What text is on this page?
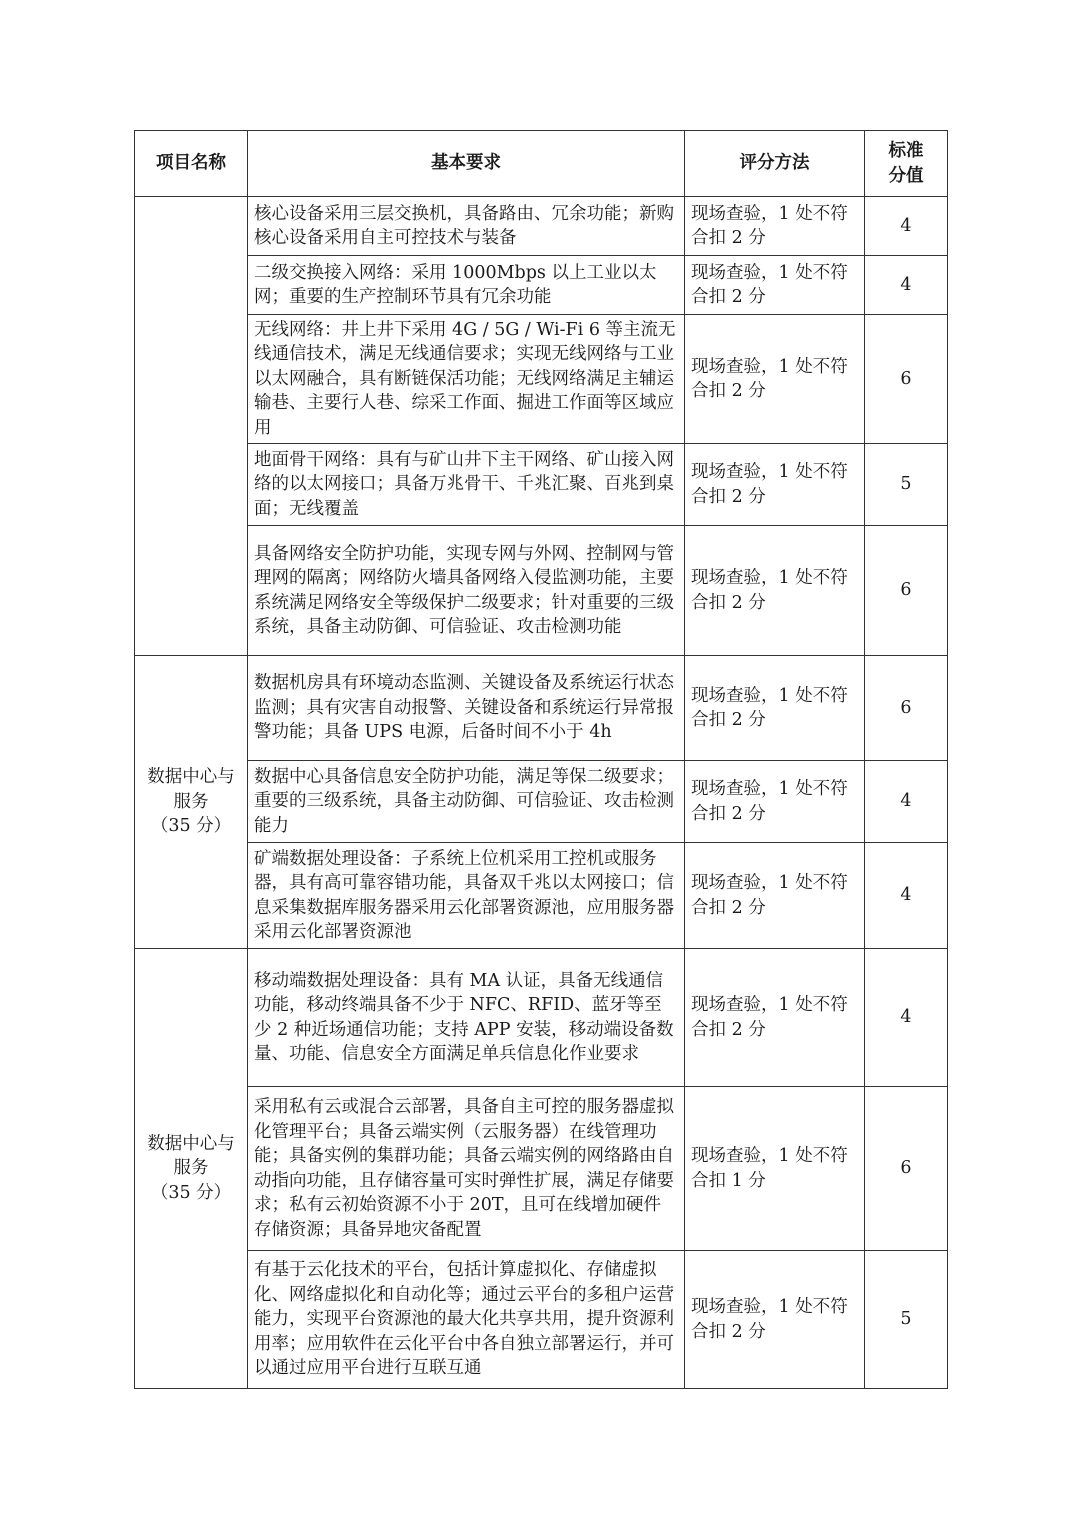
项目名称	基本要求	评分方法	标准
分值

	核心设备采用三层交换机，具备路由、冗余功能；新购核心设备采用自主可控技术与装备	现场查验，1 处不符合扣 2 分	4
	二级交换接入网络：采用 1000Mbps 以上工业以太网；重要的生产控制环节具有冗余功能	现场查验，1 处不符合扣 2 分	4
	无线网络：井上井下采用 4G / 5G / Wi-Fi 6 等主流无线通信技术，满足无线通信要求；实现无线网络与工业以太网融合，具有断链保活功能；无线网络满足主辅运输巷、主要行人巷、综采工作面、掘进工作面等区域应用	现场查验，1 处不符合扣 2 分	6
	地面骨干网络：具有与矿山井下主干网络、矿山接入网络的以太网接口；具备万兆骨干、千兆汇聚、百兆到桌面；无线覆盖	现场查验，1 处不符合扣 2 分	5
	具备网络安全防护功能，实现专网与外网、控制网与管理网的隔离；网络防火墙具备网络入侵监测功能，主要系统满足网络安全等级保护二级要求；针对重要的三级系统，具备主动防御、可信验证、攻击检测功能	现场查验，1 处不符合扣 2 分	6

数据中心与
服务
（35 分）	数据机房具有环境动态监测、关键设备及系统运行状态监测；具有灾害自动报警、关键设备和系统运行异常报警功能；具备 UPS 电源，后备时间不小于 4h	现场查验，1 处不符合扣 2 分	6
	数据中心具备信息安全防护功能，满足等保二级要求；重要的三级系统，具备主动防御、可信验证、攻击检测能力	现场查验，1 处不符合扣 2 分	4
	矿端数据处理设备：子系统上位机采用工控机或服务器，具有高可靠容错功能，具备双千兆以太网接口；信息采集数据库服务器采用云化部署资源池，应用服务器采用云化部署资源池	现场查验，1 处不符合扣 2 分	4

数据中心与
服务
（35 分）	移动端数据处理设备：具有 MA 认证，具备无线通信功能，移动终端具备不少于 NFC、RFID、蓝牙等至少 2 种近场通信功能；支持 APP 安装，移动端设备数量、功能、信息安全方面满足单兵信息化作业要求	现场查验，1 处不符合扣 2 分	4
	采用私有云或混合云部署，具备自主可控的服务器虚拟化管理平台；具备云端实例（云服务器）在线管理功能；具备实例的集群功能；具备云端实例的网络路由自动指向功能，且存储容量可实时弹性扩展，满足存储要求；私有云初始资源不小于 20T，且可在线增加硬件存储资源；具备异地灾备配置	现场查验，1 处不符合扣 1 分	6
	有基于云化技术的平台，包括计算虚拟化、存储虚拟化、网络虚拟化和自动化等；通过云平台的多租户运营能力，实现平台资源池的最大化共享共用，提升资源利用率；应用软件在云化平台中各自独立部署运行，并可以通过应用平台进行互联互通	现场查验，1 处不符合扣 2 分	5
